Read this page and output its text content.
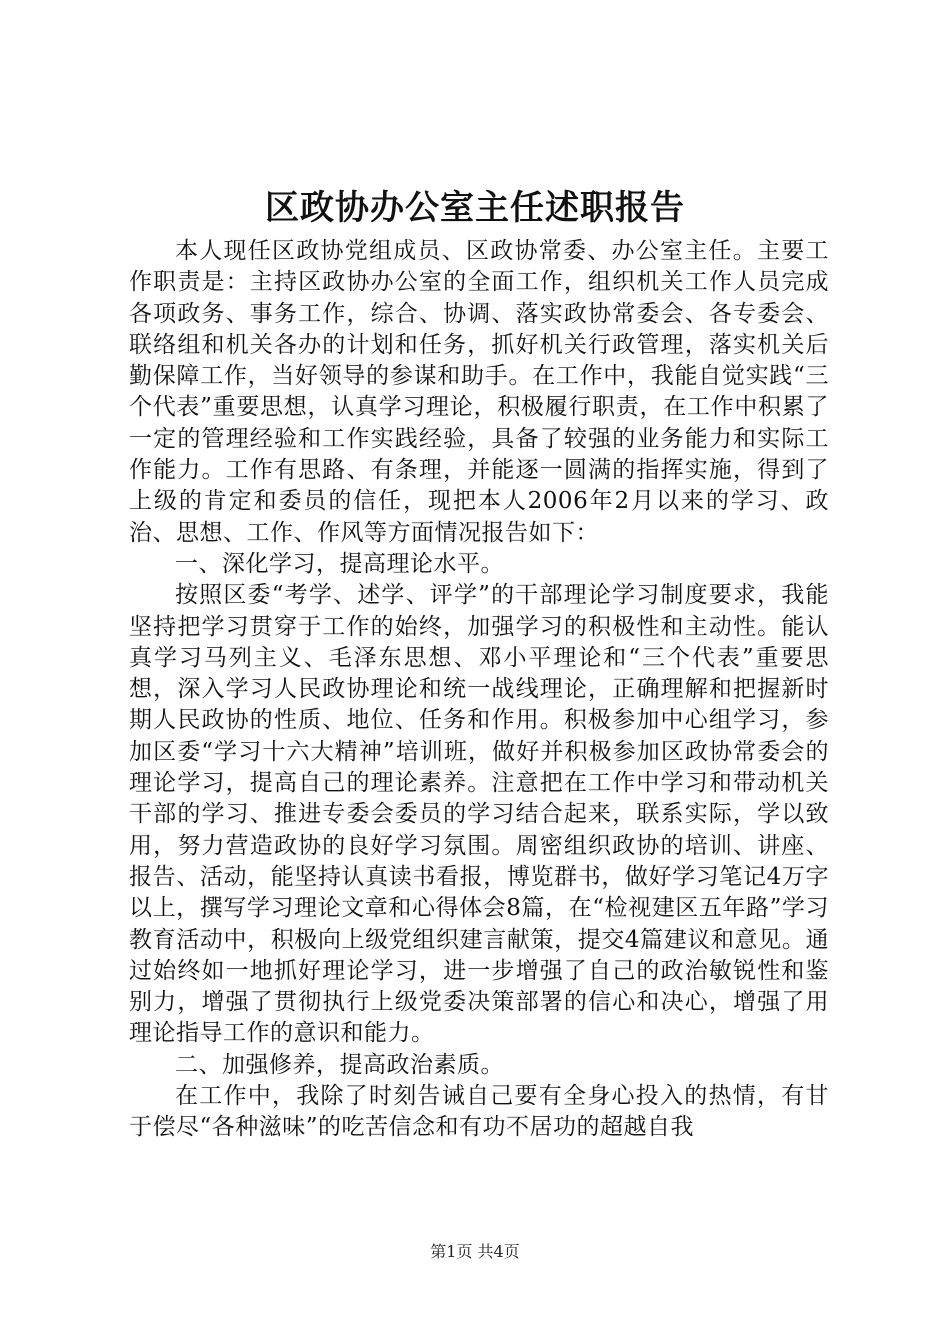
区政协办公室主任述职报告

本人现任区政协党组成员、区政协常委、办公室主任。主要工作职责是：主持区政协办公室的全面工作，组织机关工作人员完成各项政务、事务工作，综合、协调、落实政协常委会、各专委会、联络组和机关各办的计划和任务，抓好机关行政管理，落实机关后勤保障工作，当好领导的参谋和助手。在工作中，我能自觉实践“三个代表”重要思想，认真学习理论，积极履行职责，在工作中积累了一定的管理经验和工作实践经验，具备了较强的业务能力和实际工作能力。工作有思路、有条理，并能逐一圆满的指挥实施，得到了上级的肯定和委员的信任，现把本人2006年2月以来的学习、政治、思想、工作、作风等方面情况报告如下：

一、深化学习，提高理论水平。

按照区委“考学、述学、评学”的干部理论学习制度要求，我能坚持把学习贯穿于工作的始终，加强学习的积极性和主动性。能认真学习马列主义、毛泽东思想、邓小平理论和“三个代表”重要思想，深入学习人民政协理论和统一战线理论，正确理解和把握新时期人民政协的性质、地位、任务和作用。积极参加中心组学习，参加区委“学习十六大精神”培训班，做好并积极参加区政协常委会的理论学习，提高自己的理论素养。注意把在工作中学习和带动机关干部的学习、推进专委会委员的学习结合起来，联系实际，学以致用，努力营造政协的良好学习氛围。周密组织政协的培训、讲座、报告、活动，能坚持认真读书看报，博览群书，做好学习笔记4万字以上，撰写学习理论文章和心得体会8篇，在“检视建区五年路”学习教育活动中，积极向上级党组织建言献策，提交4篇建议和意见。通过始终如一地抓好理论学习，进一步增强了自己的政治敏锐性和鉴别力，增强了贯彻执行上级党委决策部署的信心和决心，增强了用理论指导工作的意识和能力。

二、加强修养，提高政治素质。

在工作中，我除了时刻告诫自己要有全身心投入的热情，有甘于偿尽“各种滋味”的吃苦信念和有功不居功的超越自我

第1页 共4页
